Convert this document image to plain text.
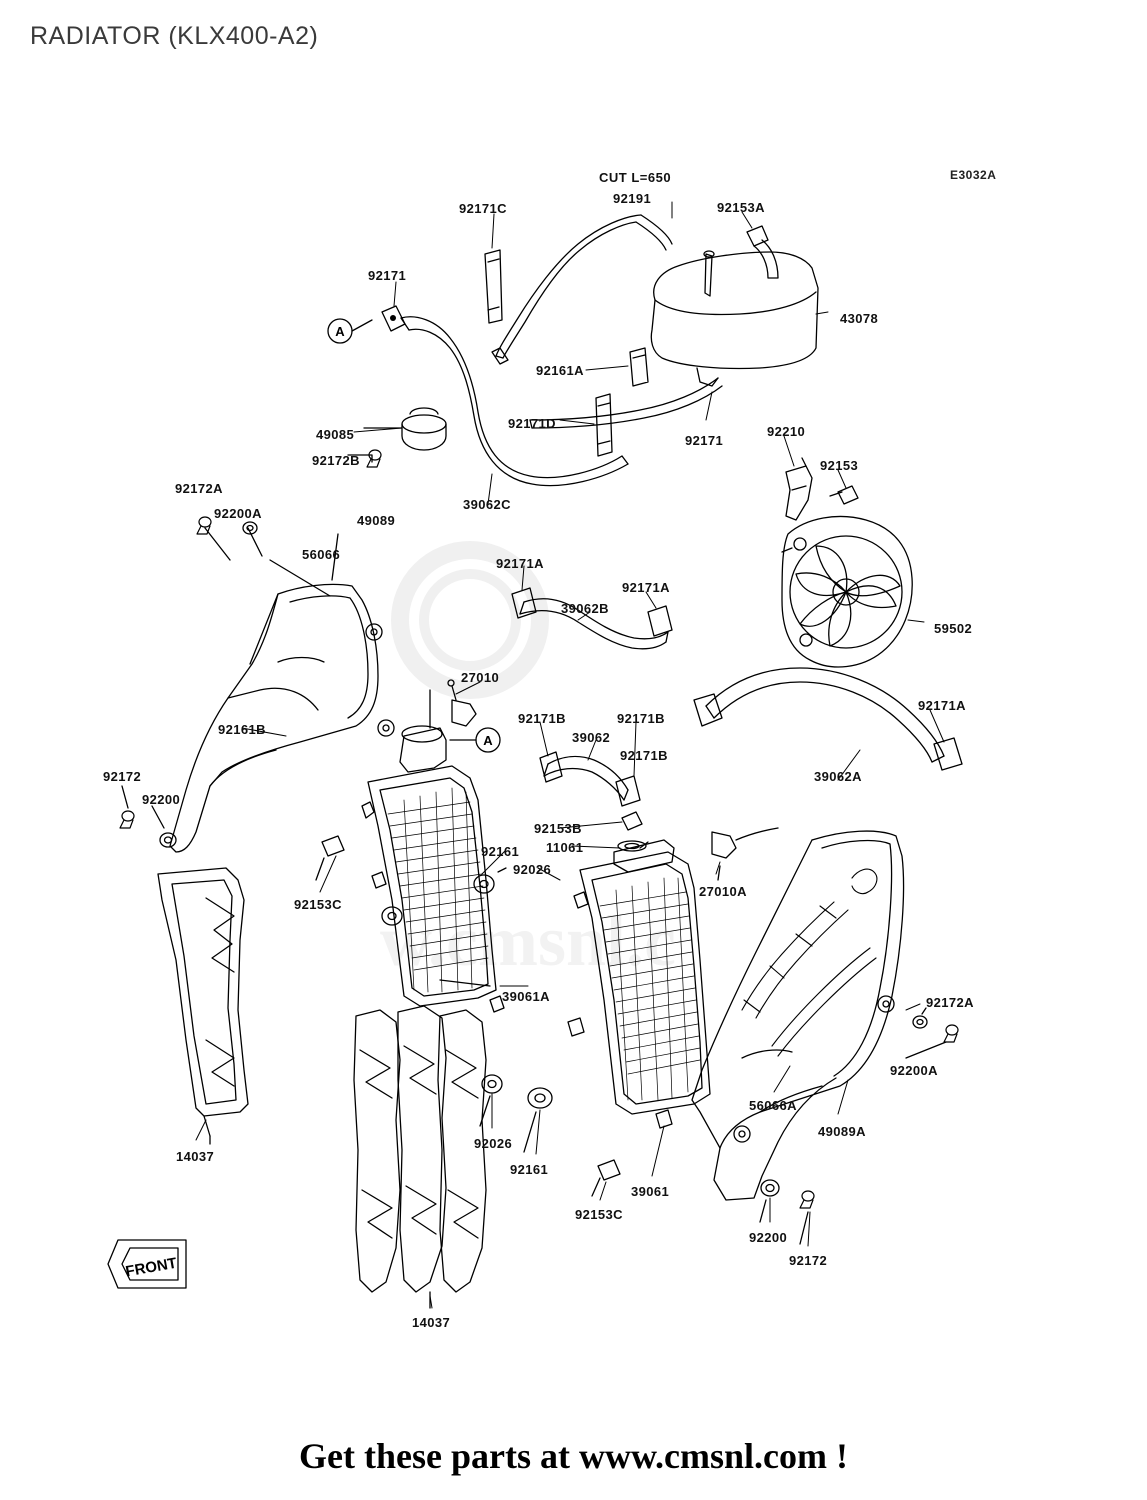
RADIATOR (KLX400-A2)
E3032A
w.cmsnl.c
A
A
FRONT
CUT L=650
92171C
92191
92153A
92171
43078
92161A
92171D
92171
92210
49085
92172B	92153
92172A
92200A
39062C
49089
56066
92171A
92171A
39062B
59502
27010
92161B
92171B	92171B
39062
92171B
92171A
39062A
92172
92200
92153B
11061
92161
92026
27010A
92153C
39061A	92172A
92200A
14037
92026
92161
56066A
49089A
39061
92153C
92200
92172
14037
Get these parts at www.cmsnl.com !
